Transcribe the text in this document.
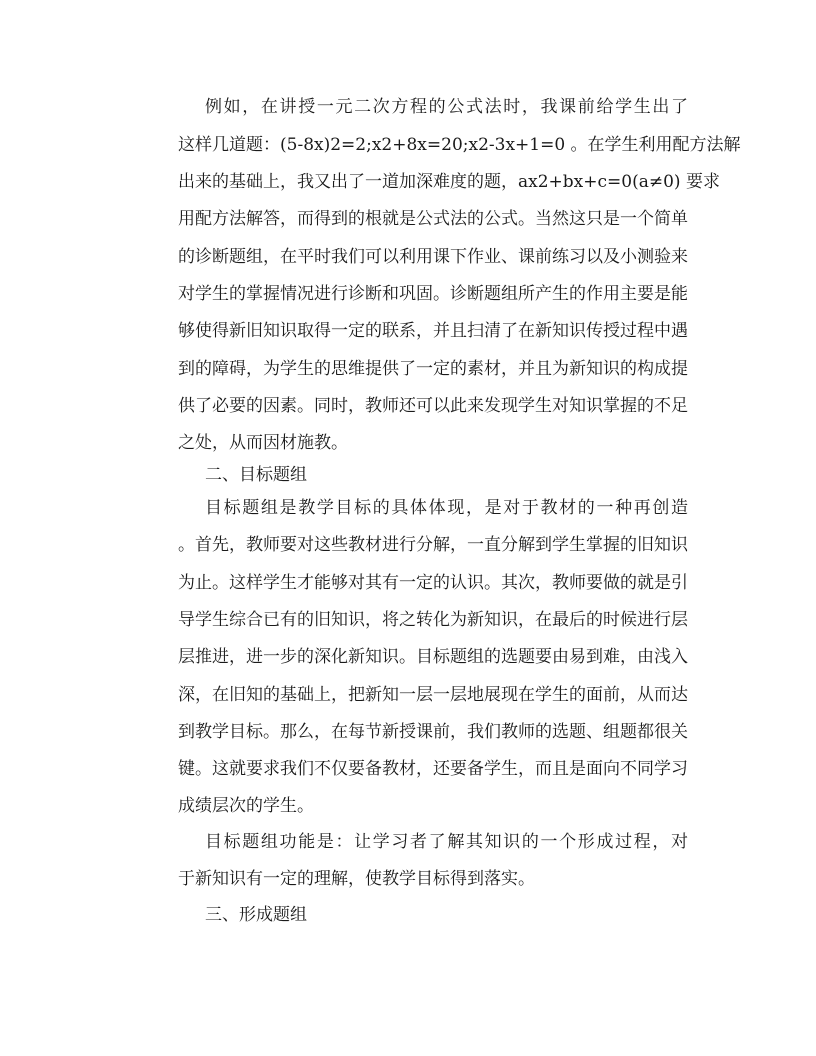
例如，在讲授一元二次方程的公式法时，我课前给学生出了
这样几道题：(5-8x)2=2;x2+8x=20;x2-3x+1=0 。在学生利用配方法解
出来的基础上，我又出了一道加深难度的题，ax2+bx+c=0(a≠0) 要求
用配方法解答，而得到的根就是公式法的公式。当然这只是一个简单
的诊断题组，在平时我们可以利用课下作业、课前练习以及小测验来
对学生的掌握情况进行诊断和巩固。诊断题组所产生的作用主要是能
够使得新旧知识取得一定的联系，并且扫清了在新知识传授过程中遇
到的障碍，为学生的思维提供了一定的素材，并且为新知识的构成提
供了必要的因素。同时，教师还可以此来发现学生对知识掌握的不足
之处，从而因材施教。
二、目标题组
目标题组是教学目标的具体体现，是对于教材的一种再创造
。首先，教师要对这些教材进行分解，一直分解到学生掌握的旧知识
为止。这样学生才能够对其有一定的认识。其次，教师要做的就是引
导学生综合已有的旧知识，将之转化为新知识，在最后的时候进行层
层推进，进一步的深化新知识。目标题组的选题要由易到难，由浅入
深，在旧知的基础上，把新知一层一层地展现在学生的面前，从而达
到教学目标。那么，在每节新授课前，我们教师的选题、组题都很关
键。这就要求我们不仅要备教材，还要备学生，而且是面向不同学习
成绩层次的学生。
目标题组功能是：让学习者了解其知识的一个形成过程，对
于新知识有一定的理解，使教学目标得到落实。
三、形成题组
